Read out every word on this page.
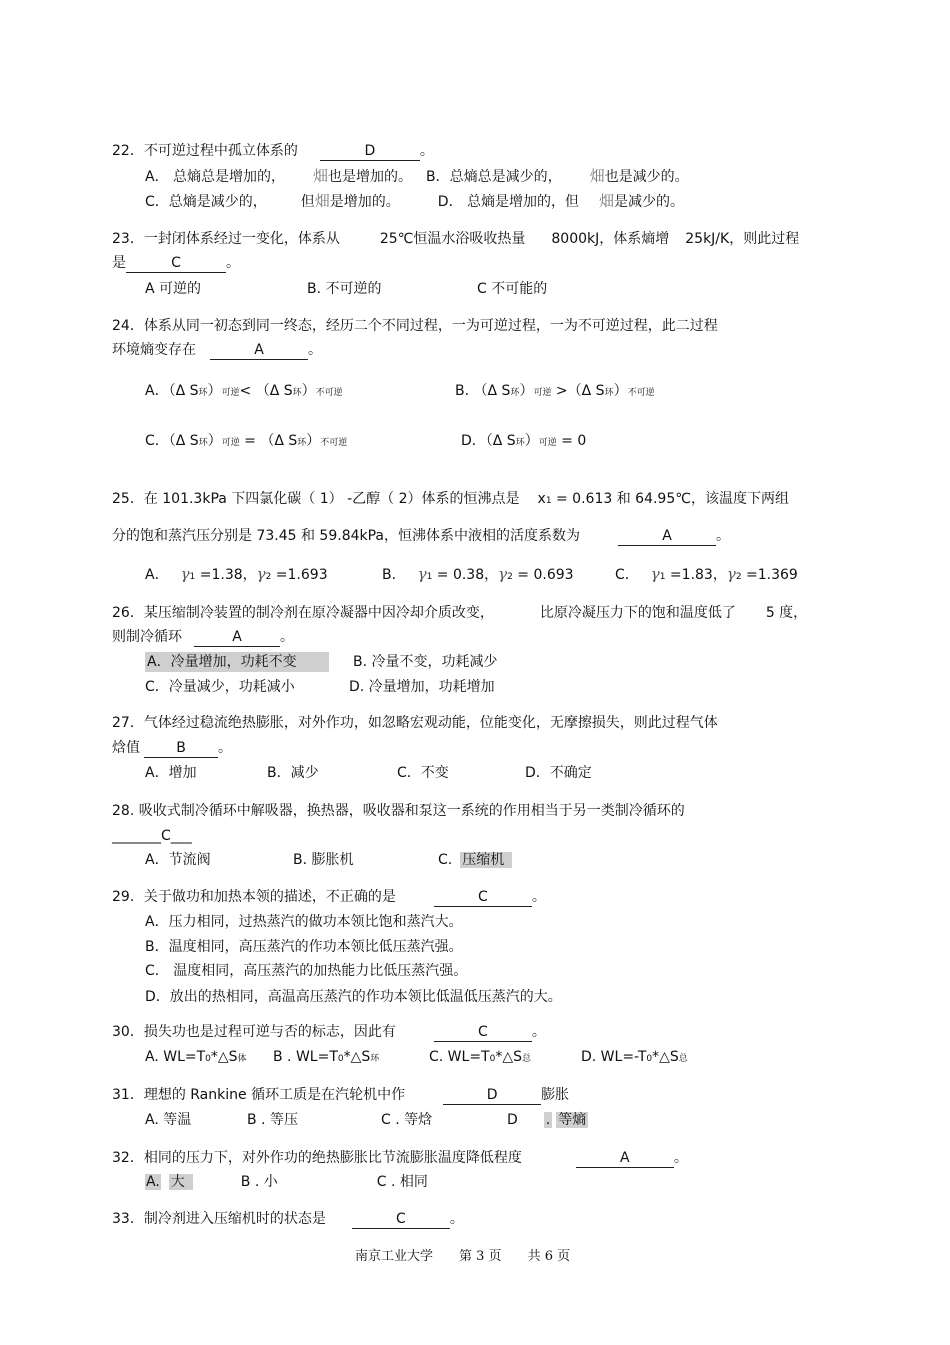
22．不可逆过程中孤立体系的	D	。
A． 总熵总是增加的， 畑也是增加的。 B．总熵总是减少的， 畑也是减少的。
C．总熵是减少的， 但畑是增加的。	D． 总熵是增加的，但 畑是减少的。
23．一封闭体系经过一变化，体系从	25℃恒温水浴吸收热量 8000kJ，体系熵增 25kJ/K，则此过程
是	C	。
A 可逆的	B. 不可逆的	C 不可能的
24．体系从同一初态到同一终态，经历二个不同过程，一为可逆过程，一为不可逆过程，此二过程
环境熵变存在	A	。
A．（Δ S环）可逆< （Δ S环）不可逆	B. （Δ S环）可逆 >（Δ S环）不可逆
C．（Δ S环）可逆 = （Δ S环）不可逆	D．（Δ S环）可逆 = 0
25．在 101.3kPa 下四氯化碳（ 1） -乙醇（ 2）体系的恒沸点是 x1 = 0.613 和 64.95℃，该温度下两组
分的饱和蒸汽压分别是 73.45 和 59.84kPa，恒沸体系中液相的活度系数为	A	。
A． γ1 =1.38，γ2 =1.693	B． γ1 = 0.38，γ2 = 0.693	C． γ1 =1.83，γ2 =1.369
26．某压缩制冷装置的制冷剂在原冷凝器中因冷却介质改变，	比原冷凝压力下的饱和温度低了 5 度，
则制冷循环	A	。
A．冷量增加，功耗不变	B. 冷量不变，功耗减少
C．冷量减少，功耗减小	D. 冷量增加，功耗增加
27．气体经过稳流绝热膨胀，对外作功，如忽略宏观动能，位能变化，无摩擦损失，则此过程气体
焓值	B 。
A．增加	B．减少	C．不变	D．不确定
28. 吸收式制冷循环中解吸器，换热器，吸收器和泵这一系统的作用相当于另一类制冷循环的
_______C___
A．节流阀	B. 膨胀机	C. 压缩机
29．关于做功和加热本领的描述，不正确的是	C	。
A．压力相同，过热蒸汽的做功本领比饱和蒸汽大。
B．温度相同，高压蒸汽的作功本领比低压蒸汽强。
C． 温度相同，高压蒸汽的加热能力比低压蒸汽强。
D．放出的热相同，高温高压蒸汽的作功本领比低温低压蒸汽的大。
30．损失功也是过程可逆与否的标志，因此有	C	。
A. WL=T0*△S体 B . WL=T0*△S环	C. WL=T0*△S总	D. WL=-T0*△S总
31．理想的 Rankine 循环工质是在汽轮机中作	D	膨胀
A. 等温	B . 等压	C . 等焓	D . 等熵
32．相同的压力下，对外作功的绝热膨胀比节流膨胀温度降低程度	A	。
A. 大	B . 小	C . 相同
33．制冷剂进入压缩机时的状态是	C	。
南京工业大学 第 3 页 共 6 页
